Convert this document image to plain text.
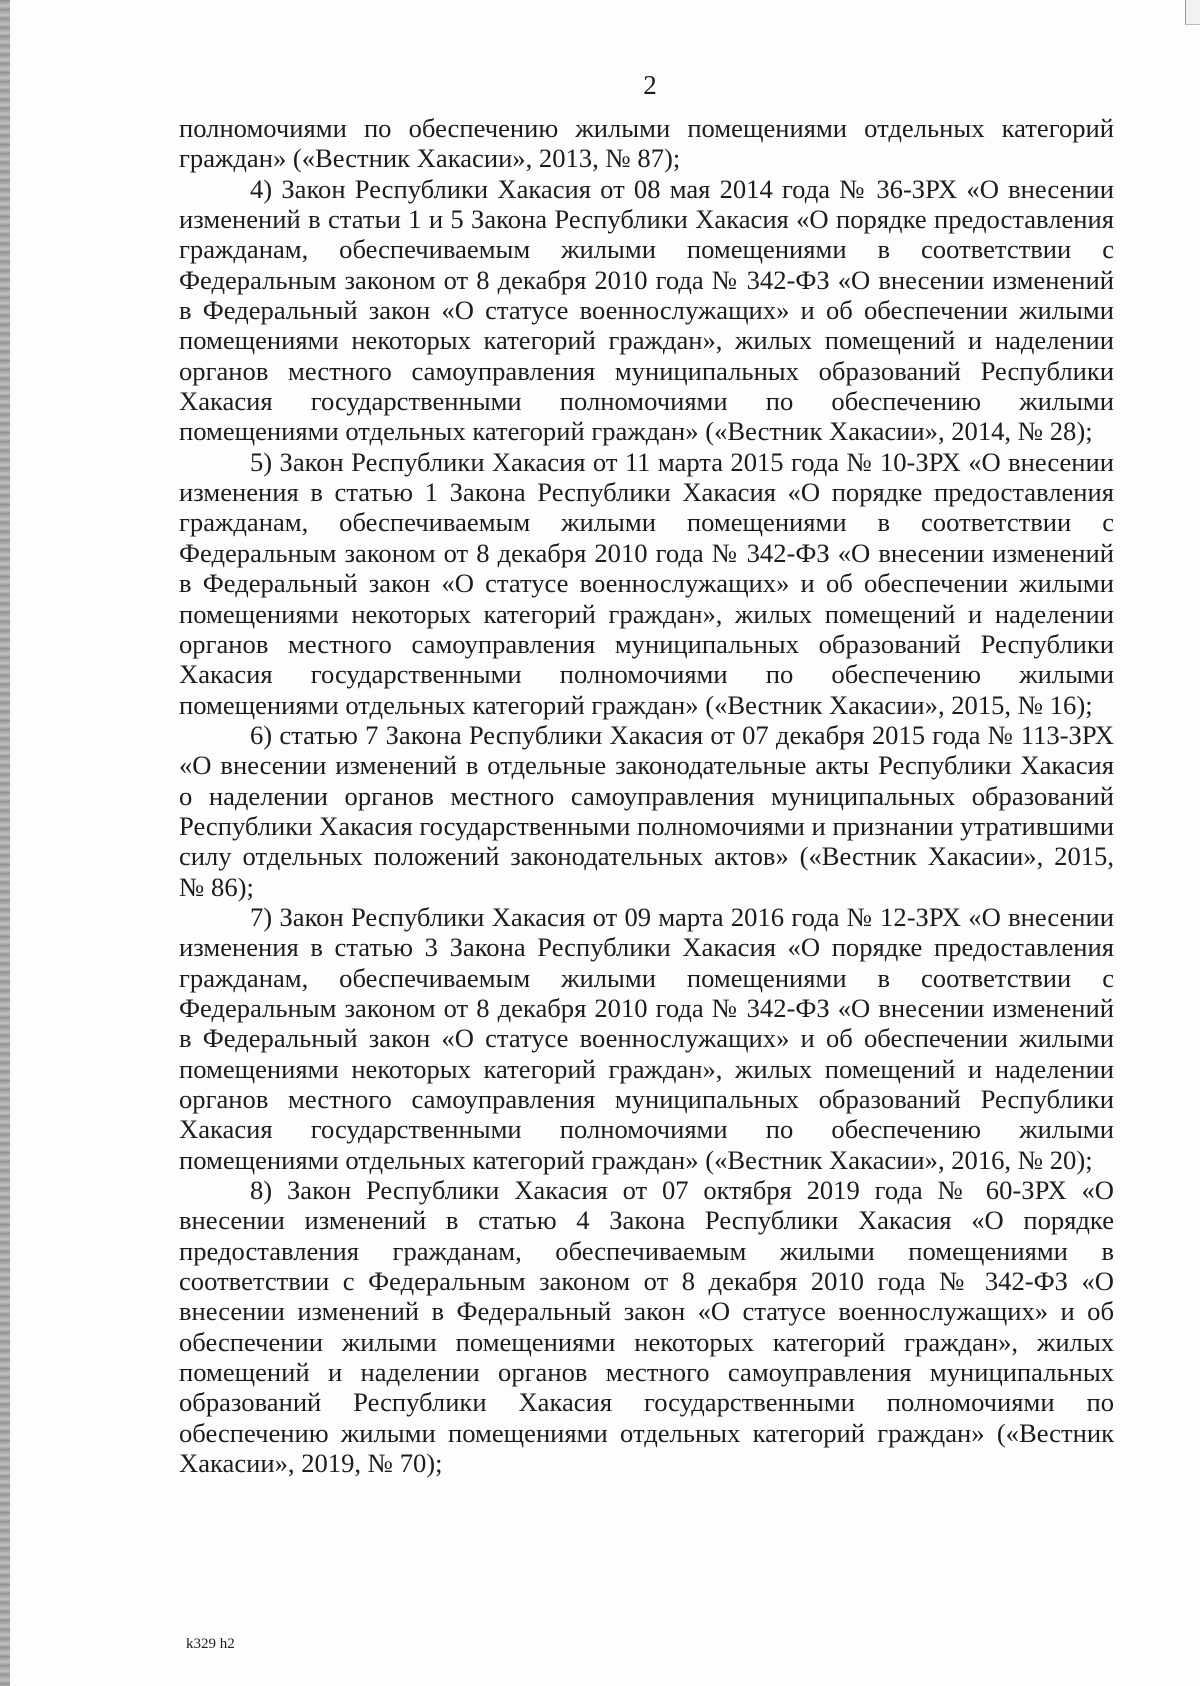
2

полномочиями по обеспечению жилыми помещениями отдельных категорий граждан» («Вестник Хакасии», 2013, № 87);

4) Закон Республики Хакасия от 08 мая 2014 года № 36-ЗРХ «О внесении изменений в статьи 1 и 5 Закона Республики Хакасия «О порядке предоставления гражданам, обеспечиваемым жилыми помещениями в соответствии с Федеральным законом от 8 декабря 2010 года № 342-ФЗ «О внесении изменений в Федеральный закон «О статусе военнослужащих» и об обеспечении жилыми помещениями некоторых категорий граждан», жилых помещений и наделении органов местного самоуправления муниципальных образований Республики Хакасия государственными полномочиями по обеспечению жилыми помещениями отдельных категорий граждан» («Вестник Хакасии», 2014, № 28);

5) Закон Республики Хакасия от 11 марта 2015 года № 10-ЗРХ «О внесении изменения в статью 1 Закона Республики Хакасия «О порядке предоставления гражданам, обеспечиваемым жилыми помещениями в соответствии с Федеральным законом от 8 декабря 2010 года № 342-ФЗ «О внесении изменений в Федеральный закон «О статусе военнослужащих» и об обеспечении жилыми помещениями некоторых категорий граждан», жилых помещений и наделении органов местного самоуправления муниципальных образований Республики Хакасия государственными полномочиями по обеспечению жилыми помещениями отдельных категорий граждан» («Вестник Хакасии», 2015, № 16);

6) статью 7 Закона Республики Хакасия от 07 декабря 2015 года № 113-ЗРХ «О внесении изменений в отдельные законодательные акты Республики Хакасия о наделении органов местного самоуправления муниципальных образований Республики Хакасия государственными полномочиями и признании утратившими силу отдельных положений законодательных актов» («Вестник Хакасии», 2015, № 86);

7) Закон Республики Хакасия от 09 марта 2016 года № 12-ЗРХ «О внесении изменения в статью 3 Закона Республики Хакасия «О порядке предоставления гражданам, обеспечиваемым жилыми помещениями в соответствии с Федеральным законом от 8 декабря 2010 года № 342-ФЗ «О внесении изменений в Федеральный закон «О статусе военнослужащих» и об обеспечении жилыми помещениями некоторых категорий граждан», жилых помещений и наделении органов местного самоуправления муниципальных образований Республики Хакасия государственными полномочиями по обеспечению жилыми помещениями отдельных категорий граждан» («Вестник Хакасии», 2016, № 20);

8) Закон Республики Хакасия от 07 октября 2019 года № 60-ЗРХ «О внесении изменений в статью 4 Закона Республики Хакасия «О порядке предоставления гражданам, обеспечиваемым жилыми помещениями в соответствии с Федеральным законом от 8 декабря 2010 года № 342-ФЗ «О внесении изменений в Федеральный закон «О статусе военнослужащих» и об обеспечении жилыми помещениями некоторых категорий граждан», жилых помещений и наделении органов местного самоуправления муниципальных образований Республики Хакасия государственными полномочиями по обеспечению жилыми помещениями отдельных категорий граждан» («Вестник Хакасии», 2019, № 70);

k329 h2
